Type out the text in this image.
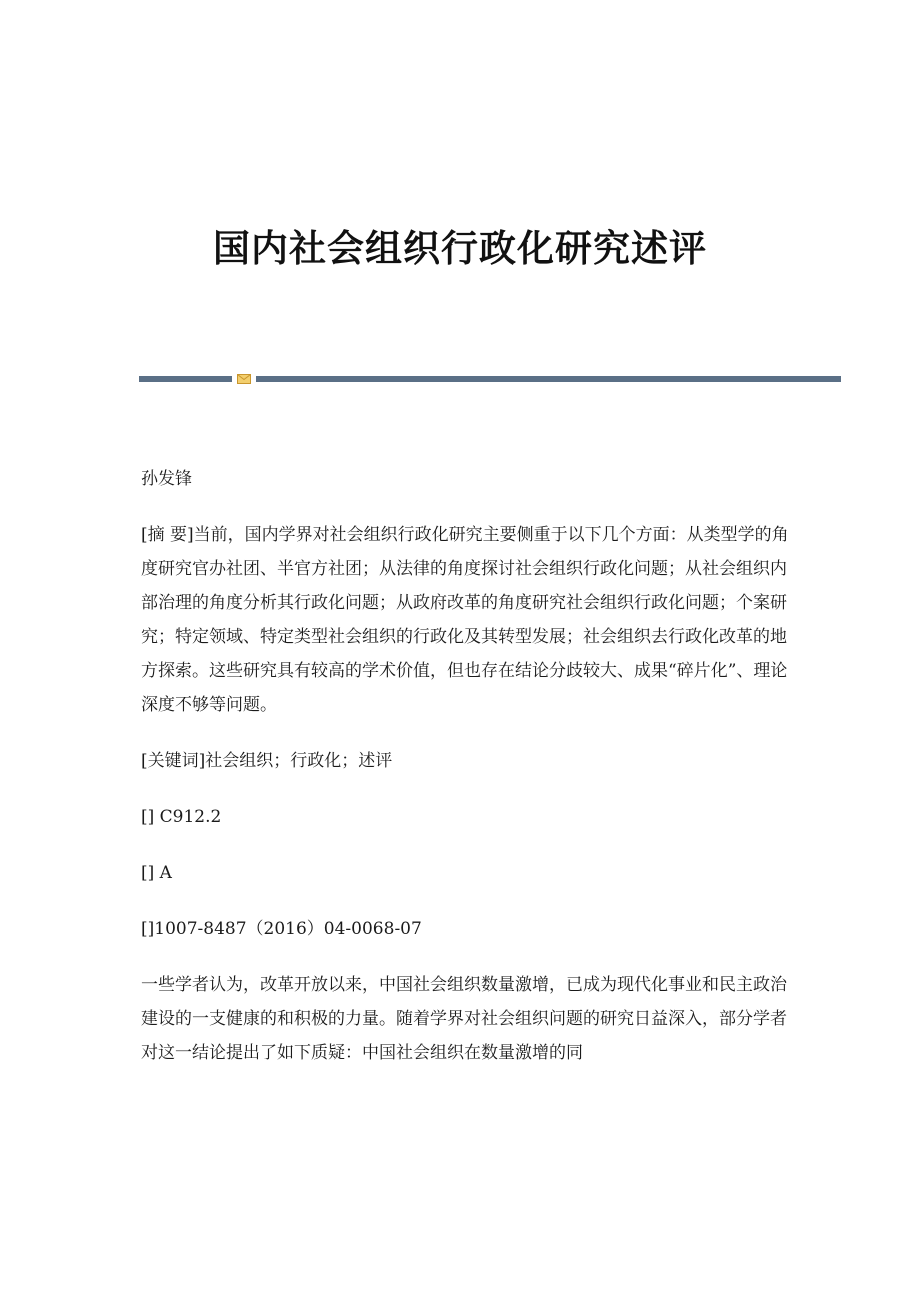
国内社会组织行政化研究述评

孙发锋

[摘 要]当前，国内学界对社会组织行政化研究主要侧重于以下几个方面：从类型学的角度研究官办社团、半官方社团；从法律的角度探讨社会组织行政化问题；从社会组织内部治理的角度分析其行政化问题；从政府改革的角度研究社会组织行政化问题；个案研究；特定领域、特定类型社会组织的行政化及其转型发展；社会组织去行政化改革的地方探索。这些研究具有较高的学术价值，但也存在结论分歧较大、成果“碎片化”、理论深度不够等问题。

[关键词]社会组织；行政化；述评

[] C912.2

[] A

[]1007-8487（2016）04-0068-07

一些学者认为，改革开放以来，中国社会组织数量激增，已成为现代化事业和民主政治建设的一支健康的和积极的力量。随着学界对社会组织问题的研究日益深入，部分学者对这一结论提出了如下质疑：中国社会组织在数量激增的同
